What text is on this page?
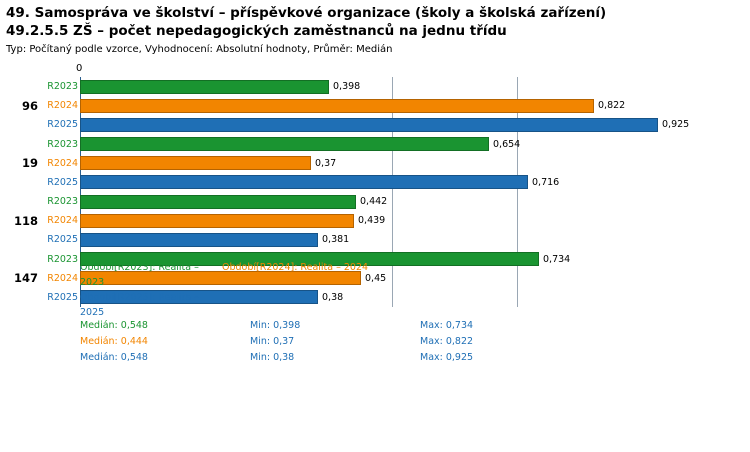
49. Samospráva ve školství – příspěvkové organizace (školy a školská zařízení)
49.2.5.5 ZŠ – počet nepedagogických zaměstnanců na jednu třídu
Typ: Počítaný podle vzorce, Vyhodnocení: Absolutní hodnoty, Průměr: Medián
0
96
R2023	0,398
R2024	0,822
R2025	0,925
19
R2023	0,654
R2024	0,37
R2025	0,716
118
R2023	0,442
R2024	0,439
R2025	0,381
147
R2023	0,734
R2024	0,45
R2025	0,38
Období[R2023]: Realita – 2023
Období[R2024]: Realita – 2024
Období[R2025]: Realita – 2025
Medián: 0,548	Min: 0,398	Max: 0,734
Medián: 0,444	Min: 0,37	Max: 0,822
Medián: 0,548	Min: 0,38	Max: 0,925
